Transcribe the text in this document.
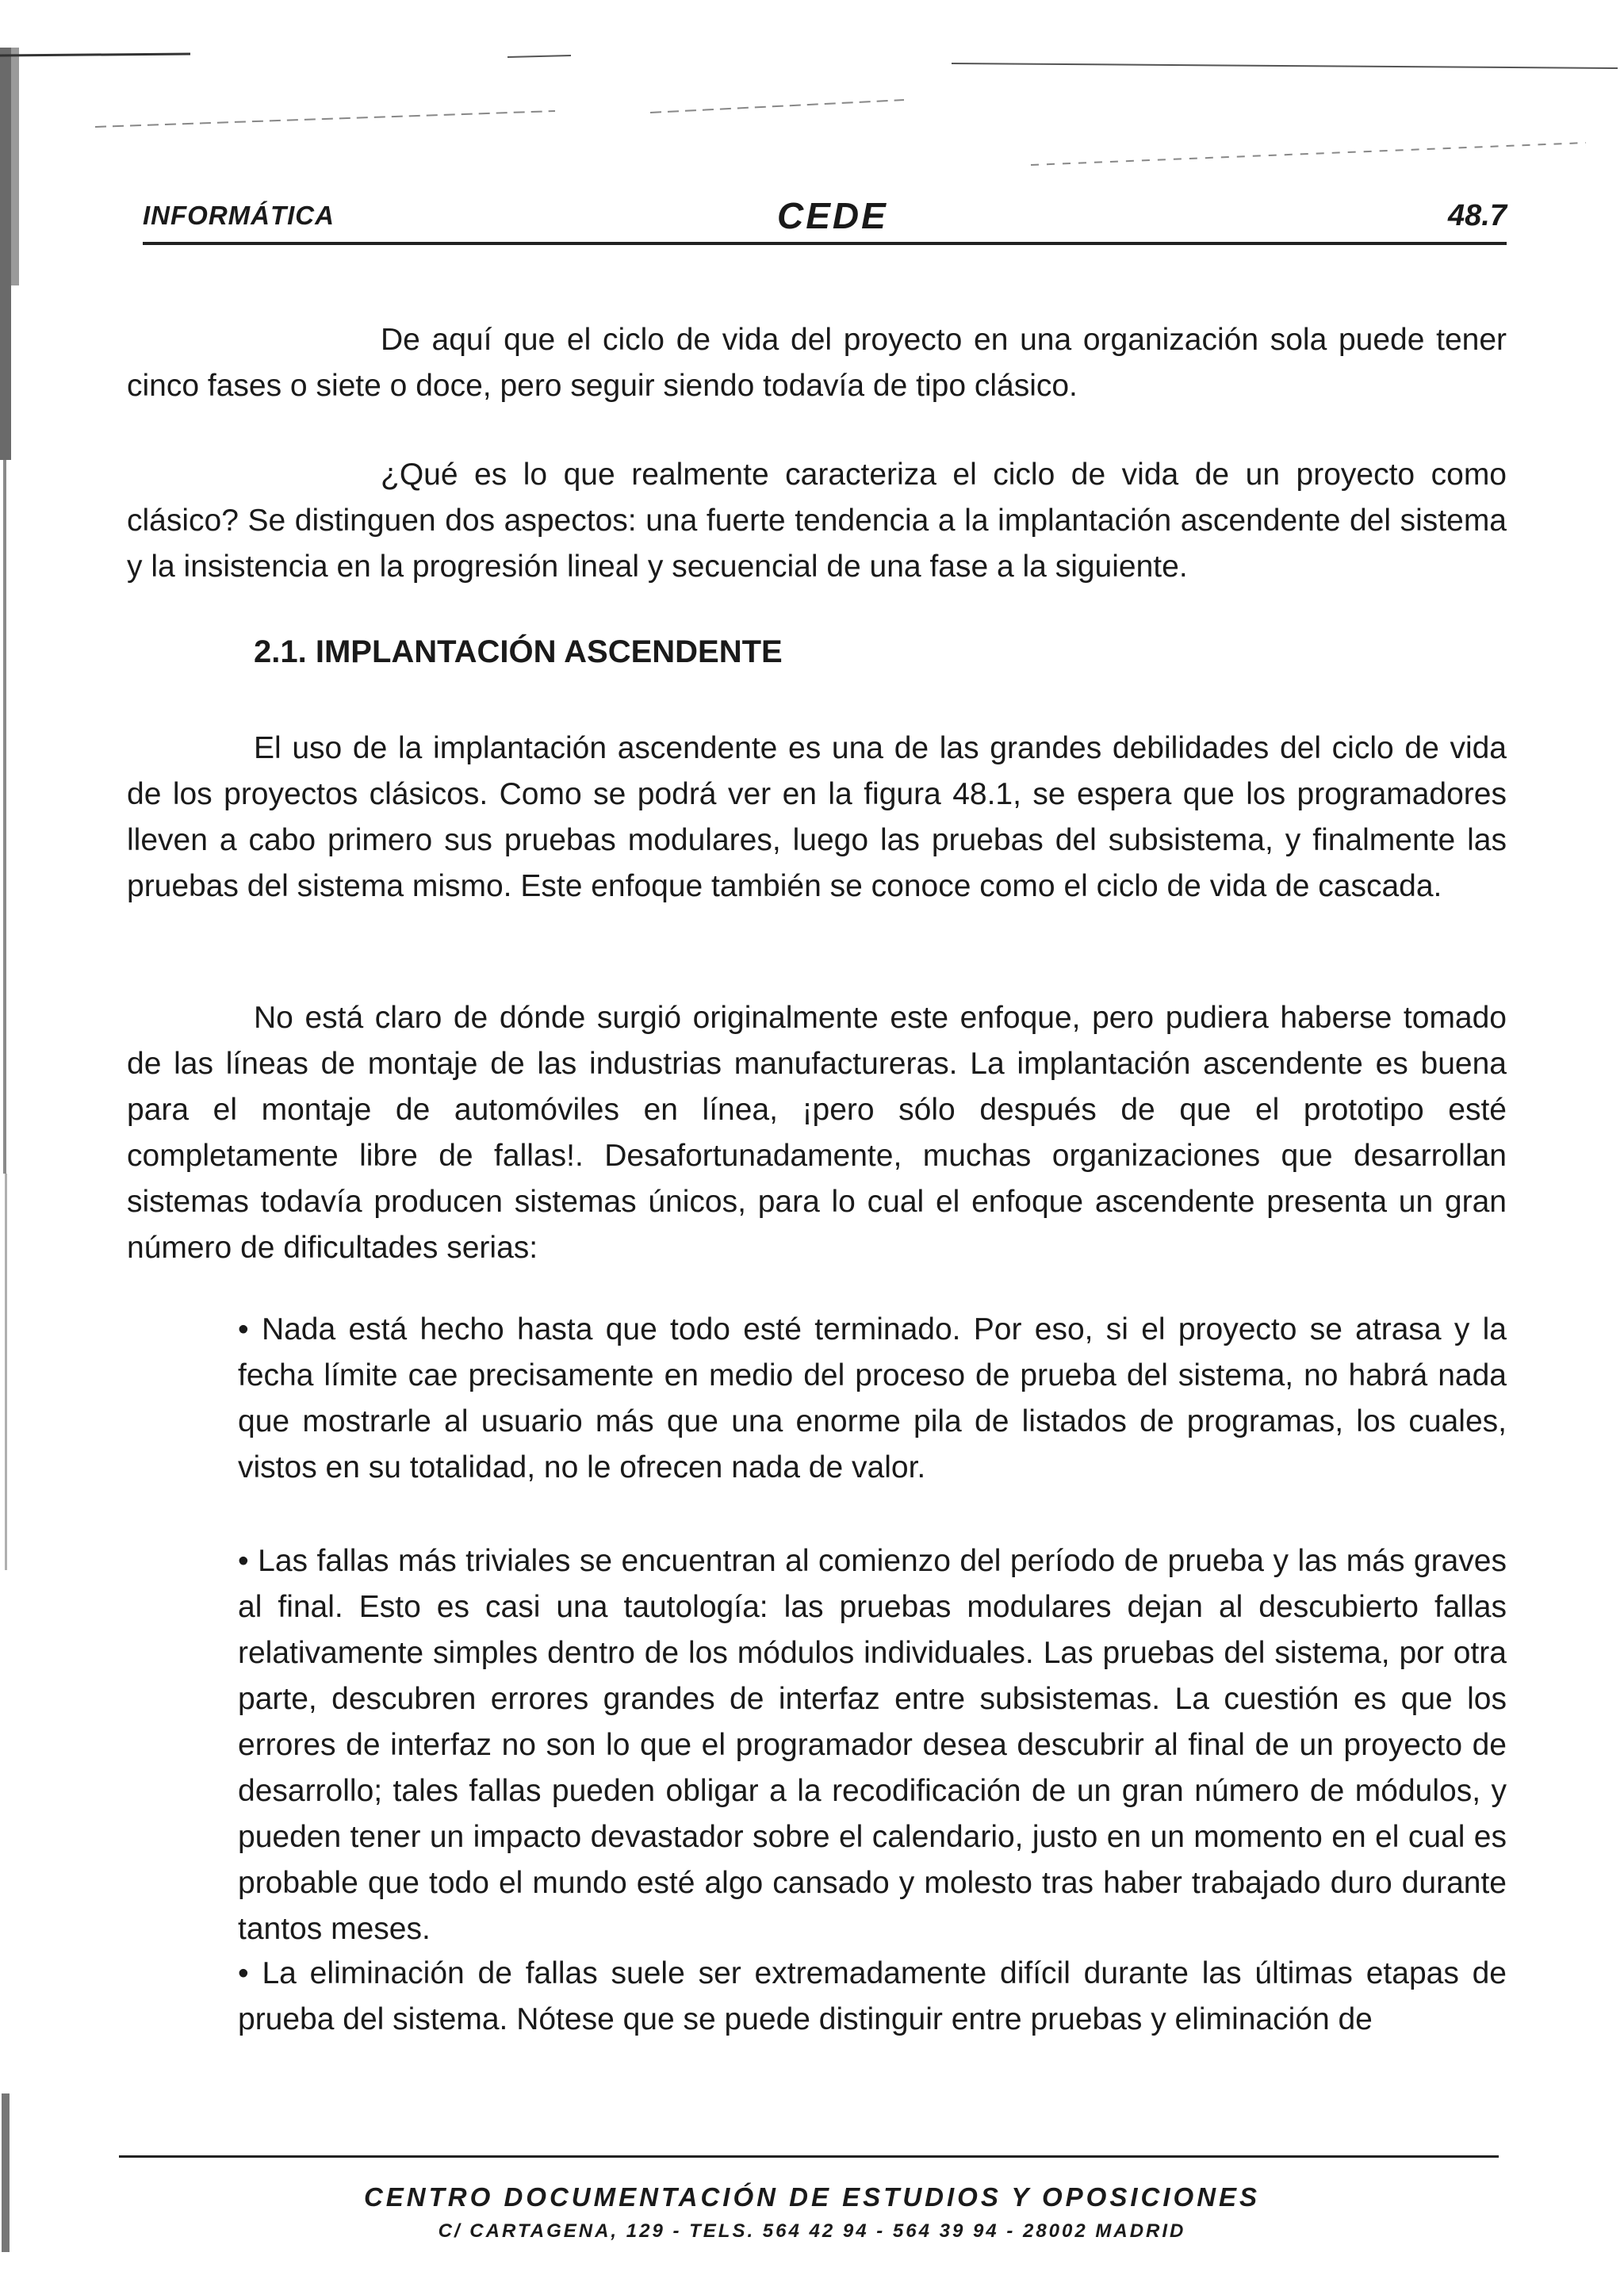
INFORMÁTICA	CEDE	48.7

De aquí que el ciclo de vida del proyecto en una organización sola puede tener cinco fases o siete o doce, pero seguir siendo todavía de tipo clásico.

¿Qué es lo que realmente caracteriza el ciclo de vida de un proyecto como clásico? Se distinguen dos aspectos: una fuerte tendencia a la implantación ascendente del sistema y la insistencia en la progresión lineal y secuencial de una fase a la siguiente.

2.1. IMPLANTACIÓN ASCENDENTE

El uso de la implantación ascendente es una de las grandes debilidades del ciclo de vida de los proyectos clásicos. Como se podrá ver en la figura 48.1, se espera que los programadores lleven a cabo primero sus pruebas modulares, luego las pruebas del subsistema, y finalmente las pruebas del sistema mismo. Este enfoque también se conoce como el ciclo de vida de cascada.

No está claro de dónde surgió originalmente este enfoque, pero pudiera haberse tomado de las líneas de montaje de las industrias manufactureras. La implantación ascendente es buena para el montaje de automóviles en línea, ¡pero sólo después de que el prototipo esté completamente libre de fallas!. Desafortunadamente, muchas organizaciones que desarrollan sistemas todavía producen sistemas únicos, para lo cual el enfoque ascendente presenta un gran número de dificultades serias:

• Nada está hecho hasta que todo esté terminado. Por eso, si el proyecto se atrasa y la fecha límite cae precisamente en medio del proceso de prueba del sistema, no habrá nada que mostrarle al usuario más que una enorme pila de listados de programas, los cuales, vistos en su totalidad, no le ofrecen nada de valor.

• Las fallas más triviales se encuentran al comienzo del período de prueba y las más graves al final. Esto es casi una tautología: las pruebas modulares dejan al descubierto fallas relativamente simples dentro de los módulos individuales. Las pruebas del sistema, por otra parte, descubren errores grandes de interfaz entre subsistemas. La cuestión es que los errores de interfaz no son lo que el programador desea descubrir al final de un proyecto de desarrollo; tales fallas pueden obligar a la recodificación de un gran número de módulos, y pueden tener un impacto devastador sobre el calendario, justo en un momento en el cual es probable que todo el mundo esté algo cansado y molesto tras haber trabajado duro durante tantos meses.

• La eliminación de fallas suele ser extremadamente difícil durante las últimas etapas de prueba del sistema. Nótese que se puede distinguir entre pruebas y eliminación de

CENTRO DOCUMENTACIÓN DE ESTUDIOS Y OPOSICIONES
C/ CARTAGENA, 129 - TELS. 564 42 94 - 564 39 94 - 28002 MADRID
